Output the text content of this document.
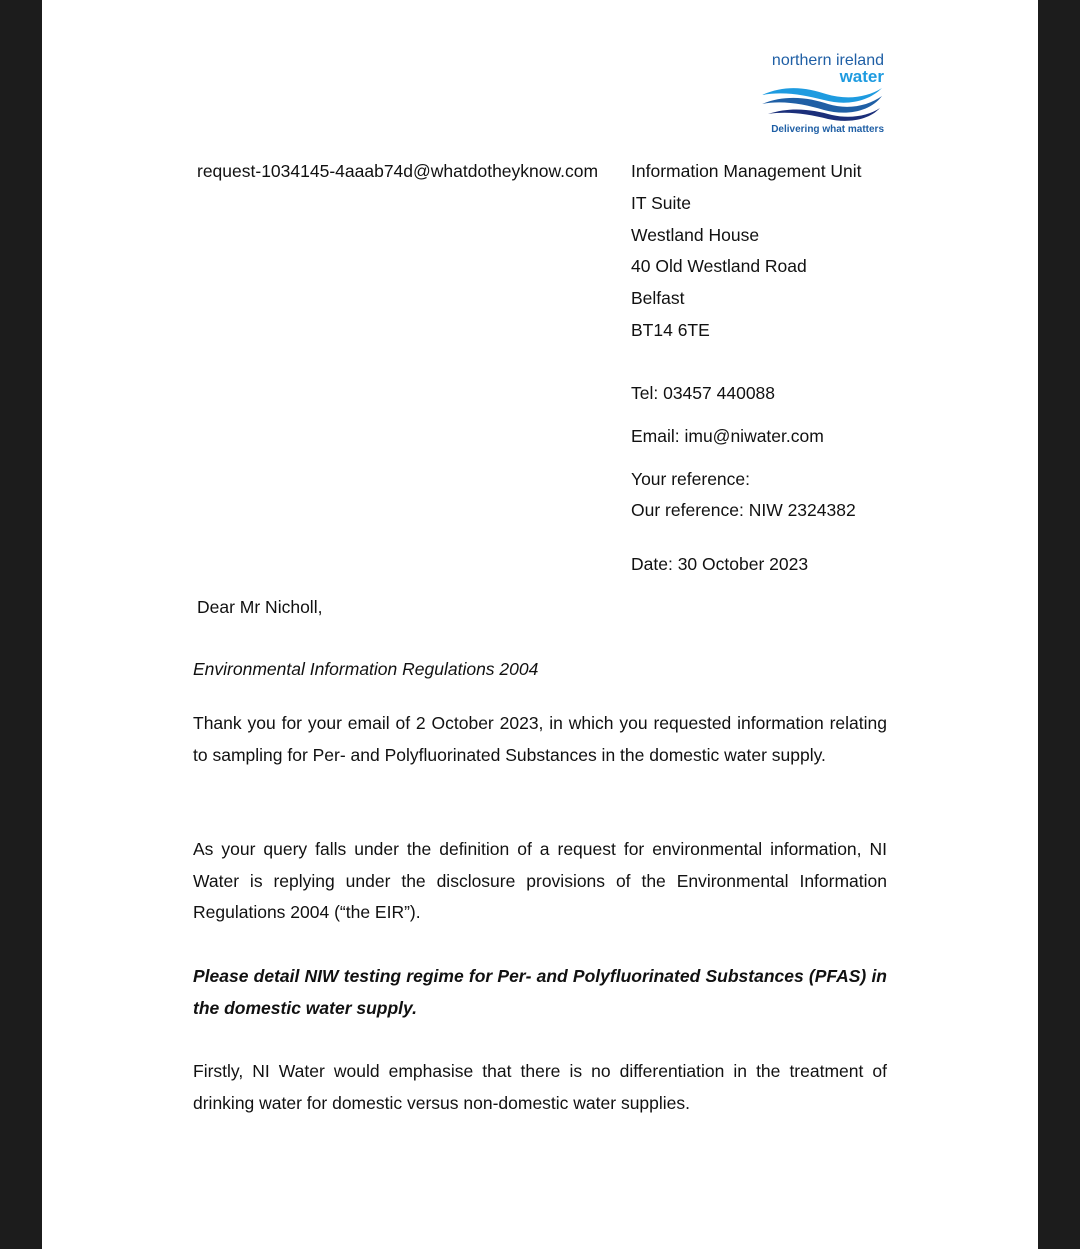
northern ireland
water
Delivering what matters
request-1034145-4aaab74d@whatdotheyknow.com Information Management Unit
IT Suite
Westland House
40 Old Westland Road
Belfast
BT14 6TE
Tel: 03457 440088
Email: imu@niwater.com
Your reference:
Our reference: NIW 2324382
Date: 30 October 2023
Dear Mr Nicholl,
Environmental Information Regulations 2004
Thank you for your email of 2 October 2023, in which you requested information relating to sampling for Per- and Polyfluorinated Substances in the domestic water supply.
As your query falls under the definition of a request for environmental information, NI Water is replying under the disclosure provisions of the Environmental Information Regulations 2004 (“the EIR”).
Please detail NIW testing regime for Per- and Polyfluorinated Substances (PFAS) in the domestic water supply.
Firstly, NI Water would emphasise that there is no differentiation in the treatment of drinking water for domestic versus non-domestic water supplies.
